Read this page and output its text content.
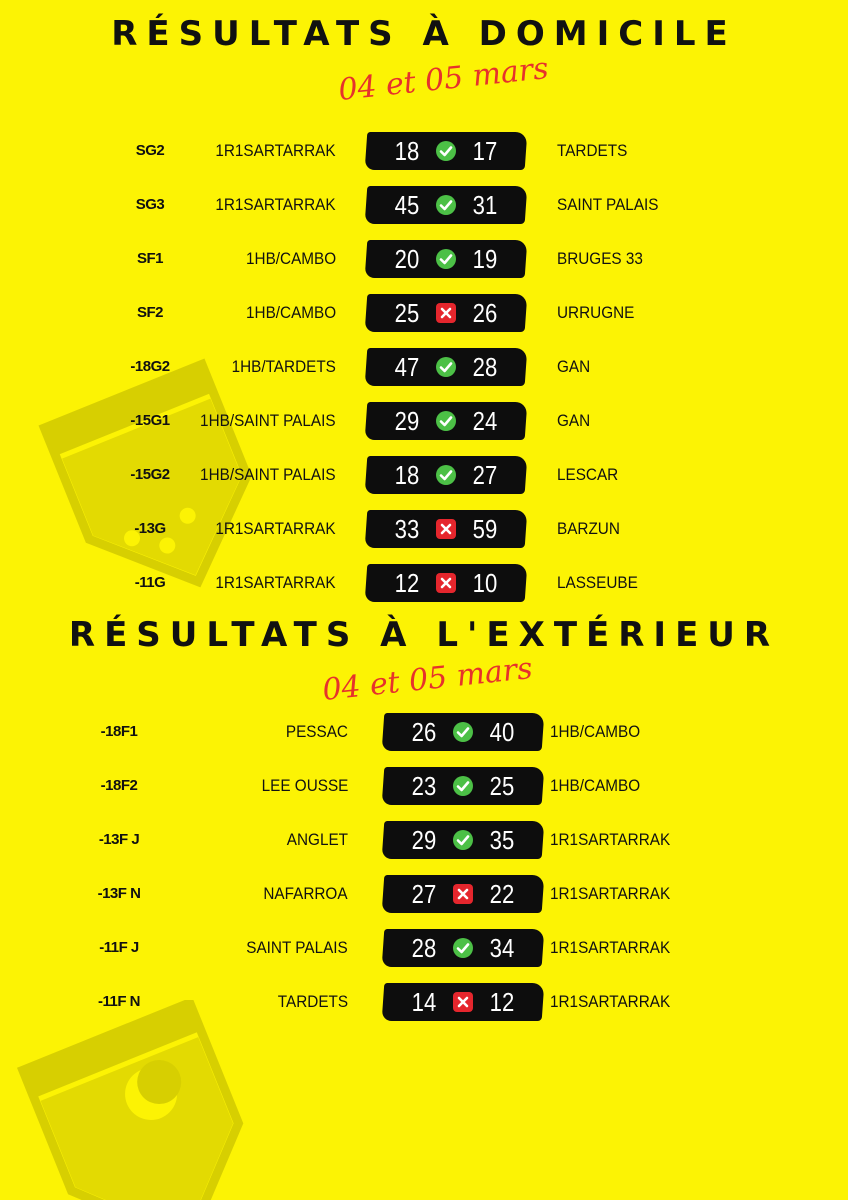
RÉSULTATS À DOMICILE
04 et 05 mars
SG2	1R1SARTARRAK	18	17	TARDETS
SG3	1R1SARTARRAK	45	31	SAINT PALAIS
SF1	1HB/CAMBO	20	19	BRUGES 33
SF2	1HB/CAMBO	25	26	URRUGNE
-18G2	1HB/TARDETS	47	28	GAN
-15G1	1HB/SAINT PALAIS	29	24	GAN
-15G2	1HB/SAINT PALAIS	18	27	LESCAR
-13G	1R1SARTARRAK	33	59	BARZUN
-11G	1R1SARTARRAK	12	10	LASSEUBE
RÉSULTATS À L'EXTÉRIEUR
04 et 05 mars
-18F1	PESSAC	26	40	1HB/CAMBO
-18F2	LEE OUSSE	23	25	1HB/CAMBO
-13F J	ANGLET	29	35	1R1SARTARRAK
-13F N	NAFARROA	27	22	1R1SARTARRAK
-11F J	SAINT PALAIS	28	34	1R1SARTARRAK
-11F N	TARDETS	14	12	1R1SARTARRAK
